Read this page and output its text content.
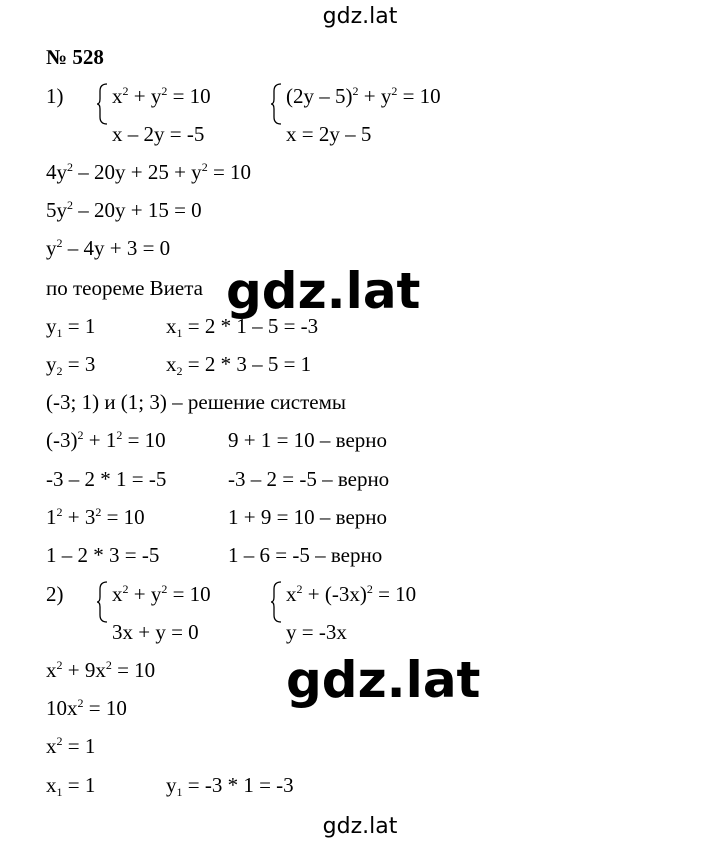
gdz.lat
№ 528
1) $x^2 + y^2 = 10$
x – 2y = -5
$(2y - 5)^2 + y^2 = 10$
x = 2y – 5
$4y^2 - 20y + 25 + y^2 = 10$
$5y^2 - 20y + 15 = 0$
$y^2 - 4y + 3 = 0$
по теореме Виета gdz.lat
$y_1 = 1$	$x_1 = 2 * 1 - 5 = -3$
$y_2 = 3$	$x_2 = 2 * 3 - 5 = 1$
(-3; 1) и (1; 3) – решение системы
$(-3)^2 + 1^2 = 10$	9 + 1 = 10 – верно
-3 – 2 * 1 = -5	-3 – 2 = -5 – верно
$1^2 + 3^2 = 10$	1 + 9 = 10 – верно
1 – 2 * 3 = -5	1 – 6 = -5 – верно
2) $x^2 + y^2 = 10$
3x + y = 0
$x^2 + (-3x)^2 = 10$
y = -3x
$x^2 + 9x^2 = 10$
$10x^2 = 10$
$x^2 = 1$
gdz.lat
$x_1 = 1$	$y_1 = -3 * 1 = -3$
gdz.lat
